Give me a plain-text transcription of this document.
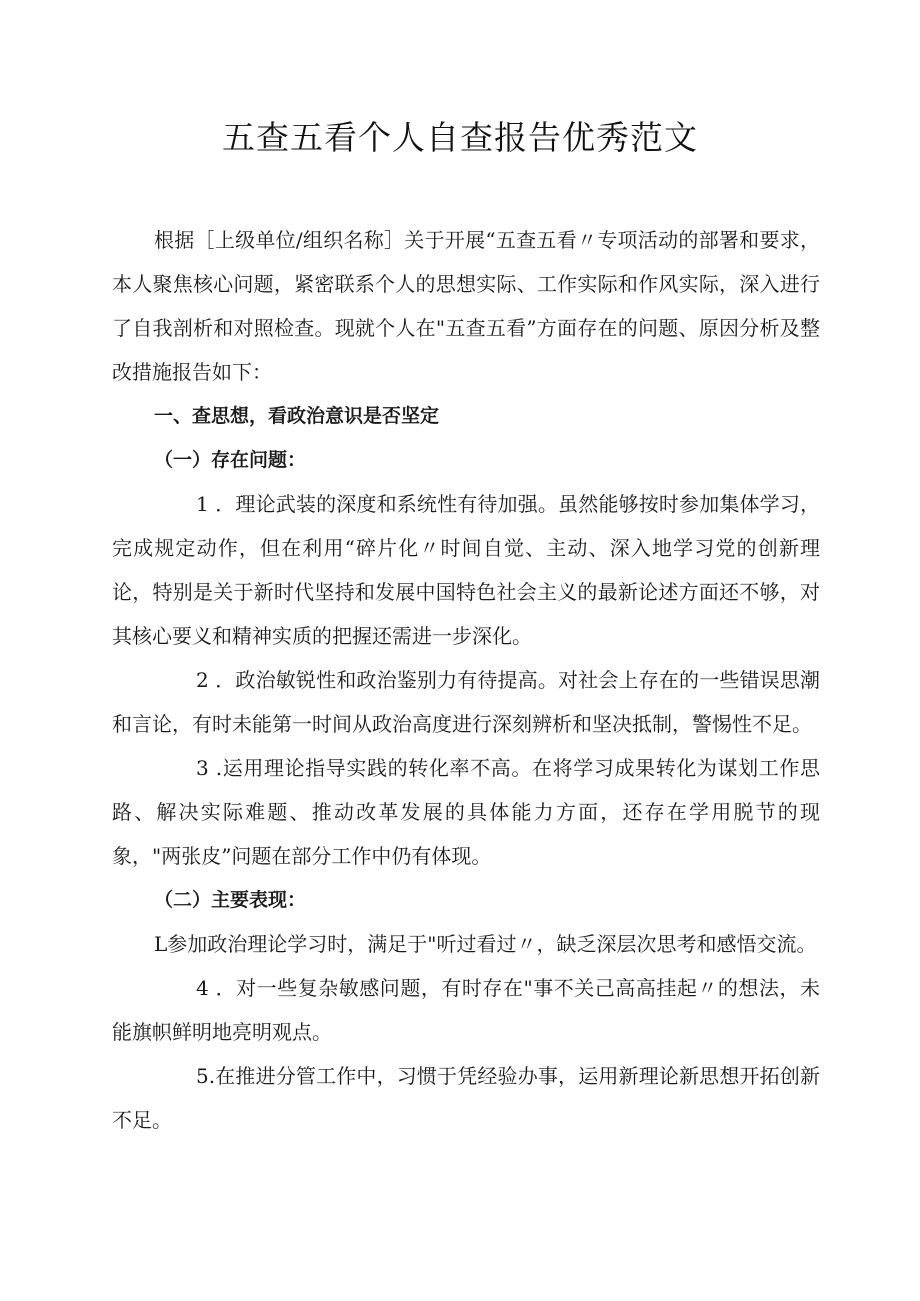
五查五看个人自查报告优秀范文

根据［上级单位/组织名称］关于开展“五查五看〃专项活动的部署和要求，本人聚焦核心问题，紧密联系个人的思想实际、工作实际和作风实际，深入进行了自我剖析和对照检查。现就个人在"五查五看”方面存在的问题、原因分析及整改措施报告如下：

一、查思想，看政治意识是否坚定

（一）存在问题：

1 ．理论武装的深度和系统性有待加强。虽然能够按时参加集体学习，完成规定动作，但在利用“碎片化〃时间自觉、主动、深入地学习党的创新理论，特别是关于新时代坚持和发展中国特色社会主义的最新论述方面还不够，对其核心要义和精神实质的把握还需进一步深化。

2 ．政治敏锐性和政治鉴别力有待提高。对社会上存在的一些错误思潮和言论，有时未能第一时间从政治高度进行深刻辨析和坚决抵制，警惕性不足。

3 .运用理论指导实践的转化率不高。在将学习成果转化为谋划工作思路、解决实际难题、推动改革发展的具体能力方面，还存在学用脱节的现象，"两张皮”问题在部分工作中仍有体现。

（二）主要表现：

L参加政治理论学习时，满足于"听过看过〃，缺乏深层次思考和感悟交流。

4 ．对一些复杂敏感问题，有时存在"事不关己高高挂起〃的想法，未能旗帜鲜明地亮明观点。

5.在推进分管工作中，习惯于凭经验办事，运用新理论新思想开拓创新不足。
